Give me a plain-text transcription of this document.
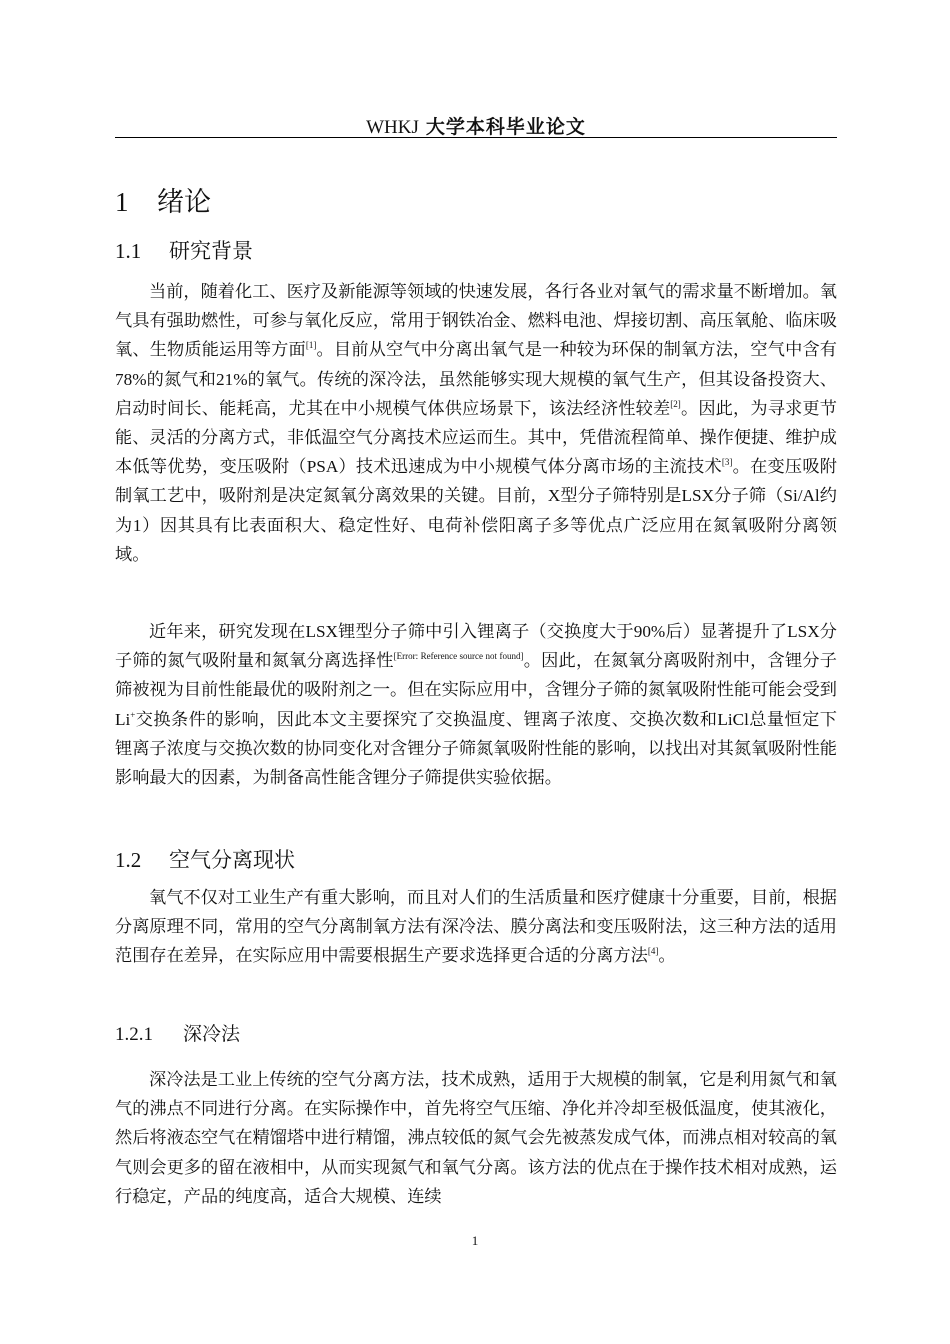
WHKJ 大学本科毕业论文
1 绪论
1.1 研究背景

当前，随着化工、医疗及新能源等领域的快速发展，各行各业对氧气的需求量不断增加。氧气具有强助燃性，可参与氧化反应，常用于钢铁冶金、燃料电池、焊接切割、高压氧舱、临床吸氧、生物质能运用等方面[1]。目前从空气中分离出氧气是一种较为环保的制氧方法，空气中含有78%的氮气和21%的氧气。传统的深冷法，虽然能够实现大规模的氧气生产，但其设备投资大、启动时间长、能耗高，尤其在中小规模气体供应场景下，该法经济性较差[2]。因此，为寻求更节能、灵活的分离方式，非低温空气分离技术应运而生。其中，凭借流程简单、操作便捷、维护成本低等优势，变压吸附（PSA）技术迅速成为中小规模气体分离市场的主流技术[3]。在变压吸附制氧工艺中，吸附剂是决定氮氧分离效果的关键。目前，X型分子筛特别是LSX分子筛（Si/Al约为1）因其具有比表面积大、稳定性好、电荷补偿阳离子多等优点广泛应用在氮氧吸附分离领域。

近年来，研究发现在LSX锂型分子筛中引入锂离子（交换度大于90%后）显著提升了LSX分子筛的氮气吸附量和氮氧分离选择性[Error: Reference source not found]。因此，在氮氧分离吸附剂中，含锂分子筛被视为目前性能最优的吸附剂之一。但在实际应用中，含锂分子筛的氮氧吸附性能可能会受到Li+交换条件的影响，因此本文主要探究了交换温度、锂离子浓度、交换次数和LiCl总量恒定下锂离子浓度与交换次数的协同变化对含锂分子筛氮氧吸附性能的影响，以找出对其氮氧吸附性能影响最大的因素，为制备高性能含锂分子筛提供实验依据。

1.2 空气分离现状

氧气不仅对工业生产有重大影响，而且对人们的生活质量和医疗健康十分重要，目前，根据分离原理不同，常用的空气分离制氧方法有深冷法、膜分离法和变压吸附法，这三种方法的适用范围存在差异，在实际应用中需要根据生产要求选择更合适的分离方法[4]。

1.2.1 深冷法

深冷法是工业上传统的空气分离方法，技术成熟，适用于大规模的制氧，它是利用氮气和氧气的沸点不同进行分离。在实际操作中，首先将空气压缩、净化并冷却至极低温度，使其液化，然后将液态空气在精馏塔中进行精馏，沸点较低的氮气会先被蒸发成气体，而沸点相对较高的氧气则会更多的留在液相中，从而实现氮气和氧气分离。该方法的优点在于操作技术相对成熟，运行稳定，产品的纯度高，适合大规模、连续

1
